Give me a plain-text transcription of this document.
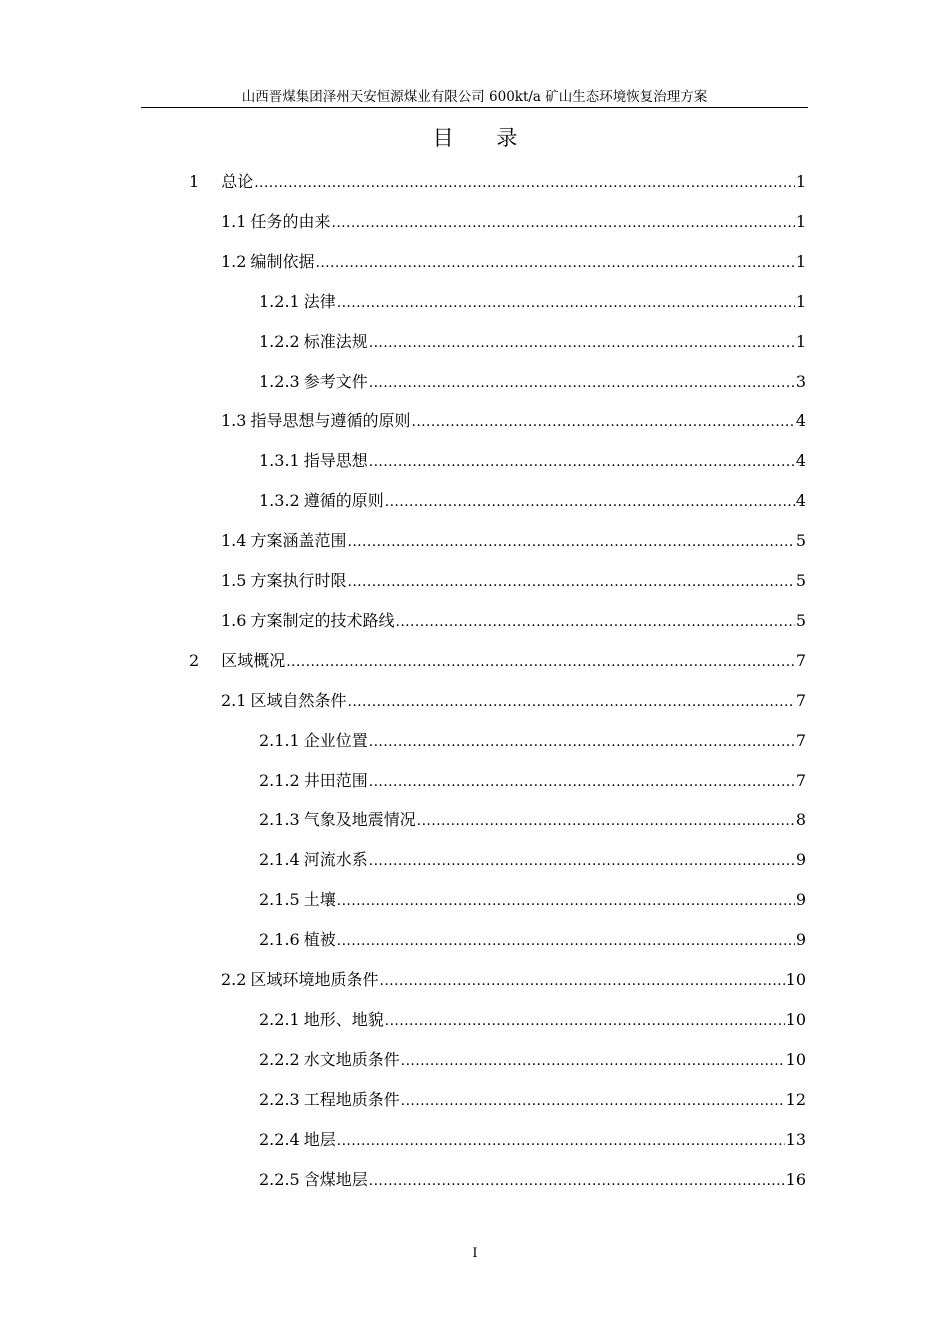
山西晋煤集团泽州天安恒源煤业有限公司 600kt/a 矿山生态环境恢复治理方案
目 录
1 总论 .....	1
1.1 任务的由来 .....	1
1.2 编制依据 .....	1
1.2.1 法律 .....	1
1.2.2 标准法规 .....	1
1.2.3 参考文件 .....	3
1.3 指导思想与遵循的原则 .....	4
1.3.1 指导思想 .....	4
1.3.2 遵循的原则 .....	4
1.4 方案涵盖范围 .....	5
1.5 方案执行时限 .....	5
1.6 方案制定的技术路线 .....	5
2 区域概况 .....	7
2.1 区域自然条件 .....	7
2.1.1 企业位置 .....	7
2.1.2 井田范围 .....	7
2.1.3 气象及地震情况 .....	8
2.1.4 河流水系 .....	9
2.1.5 土壤 .....	9
2.1.6 植被 .....	9
2.2 区域环境地质条件 .....	10
2.2.1 地形、地貌 .....	10
2.2.2 水文地质条件 .....	10
2.2.3 工程地质条件 .....	12
2.2.4 地层 .....	13
2.2.5 含煤地层 .....	16
I
